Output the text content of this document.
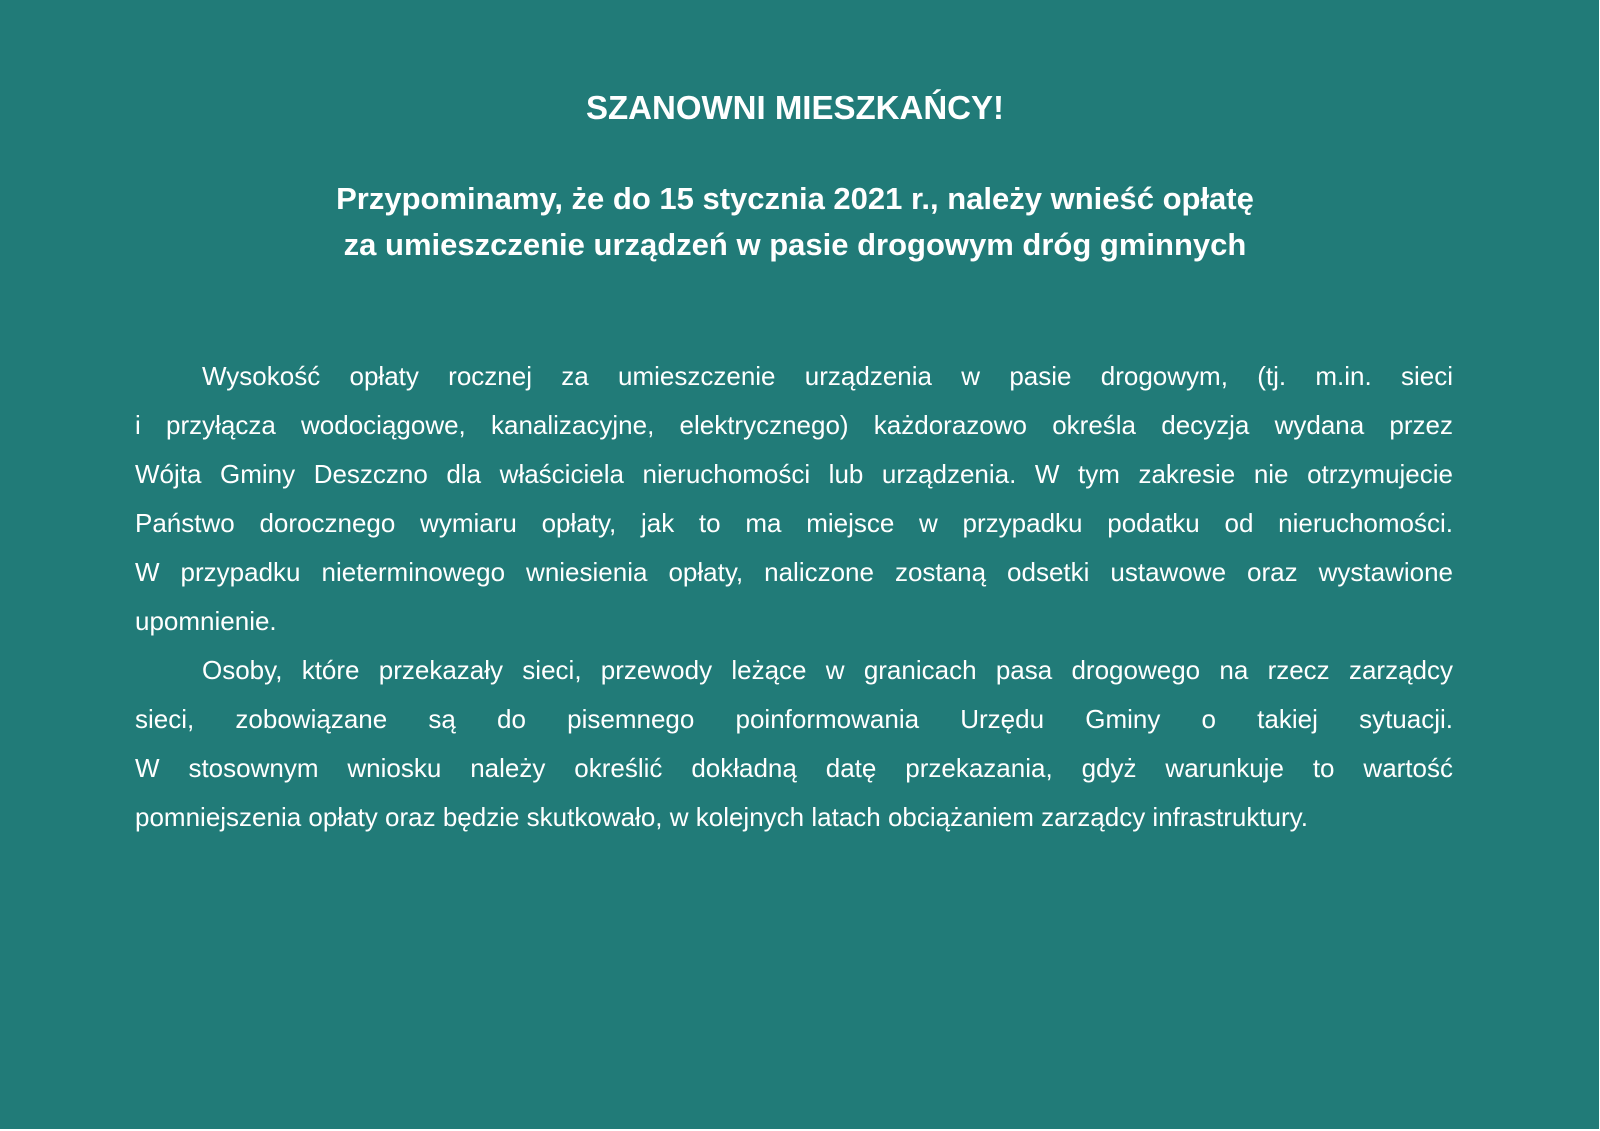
SZANOWNI MIESZKAŃCY!
Przypominamy, że do 15 stycznia 2021 r., należy wnieść opłatę
za umieszczenie urządzeń w pasie drogowym dróg gminnych
Wysokość opłaty rocznej za umieszczenie urządzenia w pasie drogowym, (tj. m.in. sieci
i przyłącza wodociągowe, kanalizacyjne, elektrycznego) każdorazowo określa decyzja wydana przez
Wójta Gminy Deszczno dla właściciela nieruchomości lub urządzenia. W tym zakresie nie otrzymujecie
Państwo dorocznego wymiaru opłaty, jak to ma miejsce w przypadku podatku od nieruchomości.
W przypadku nieterminowego wniesienia opłaty, naliczone zostaną odsetki ustawowe oraz wystawione
upomnienie.
Osoby, które przekazały sieci, przewody leżące w granicach pasa drogowego na rzecz zarządcy
sieci, zobowiązane są do pisemnego poinformowania Urzędu Gminy o takiej sytuacji.
W stosownym wniosku należy określić dokładną datę przekazania, gdyż warunkuje to wartość
pomniejszenia opłaty oraz będzie skutkowało, w kolejnych latach obciążaniem zarządcy infrastruktury.
